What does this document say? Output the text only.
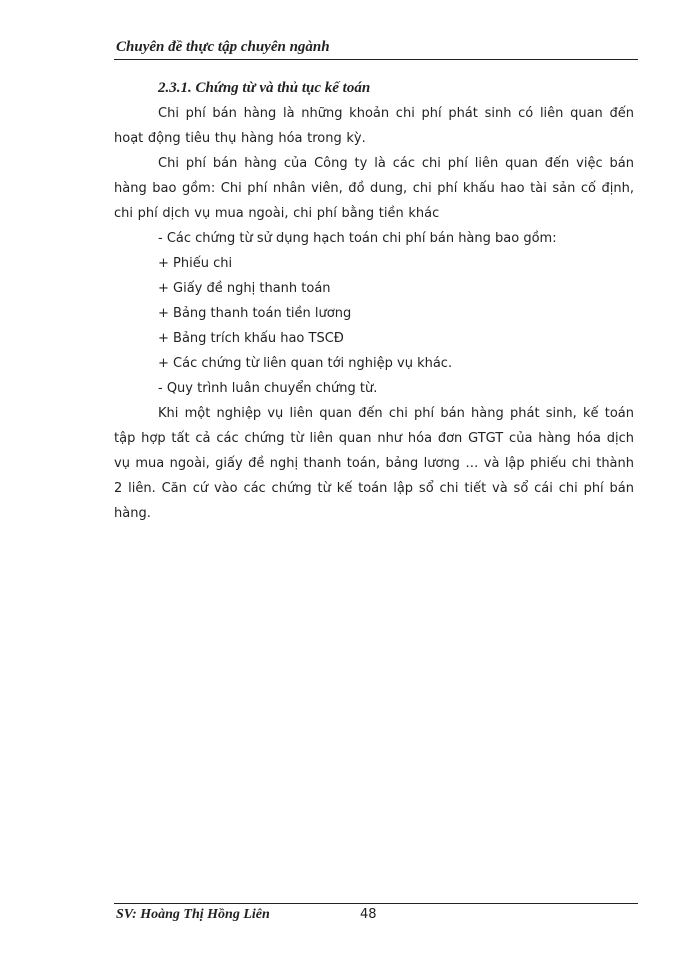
Chuyên đề thực tập chuyên ngành

2.3.1. Chứng từ và thủ tục kế toán

Chi phí bán hàng là những khoản chi phí phát sinh có liên quan đến hoạt động tiêu thụ hàng hóa trong kỳ.

Chi phí bán hàng của Công ty là các chi phí liên quan đến việc bán hàng bao gồm: Chi phí nhân viên, đồ dung, chi phí khấu hao tài sản cố định, chi phí dịch vụ mua ngoài, chi phí bằng tiền khác

- Các chứng từ sử dụng hạch toán chi phí bán hàng bao gồm:

+ Phiếu chi

+ Giấy đề nghị thanh toán

+ Bảng thanh toán tiền lương

+ Bảng trích khấu hao TSCĐ

+ Các chứng từ liên quan tới nghiệp vụ khác.

- Quy trình luân chuyển chứng từ.

Khi một nghiệp vụ liên quan đến chi phí bán hàng phát sinh, kế toán tập hợp tất cả các chứng từ liên quan như hóa đơn GTGT của hàng hóa dịch vụ mua ngoài, giấy đề nghị thanh toán, bảng lương … và lập phiếu chi thành 2 liên. Căn cứ vào các chứng từ kế toán lập sổ chi tiết và sổ cái chi phí bán hàng.

SV: Hoàng Thị Hồng Liên	48
